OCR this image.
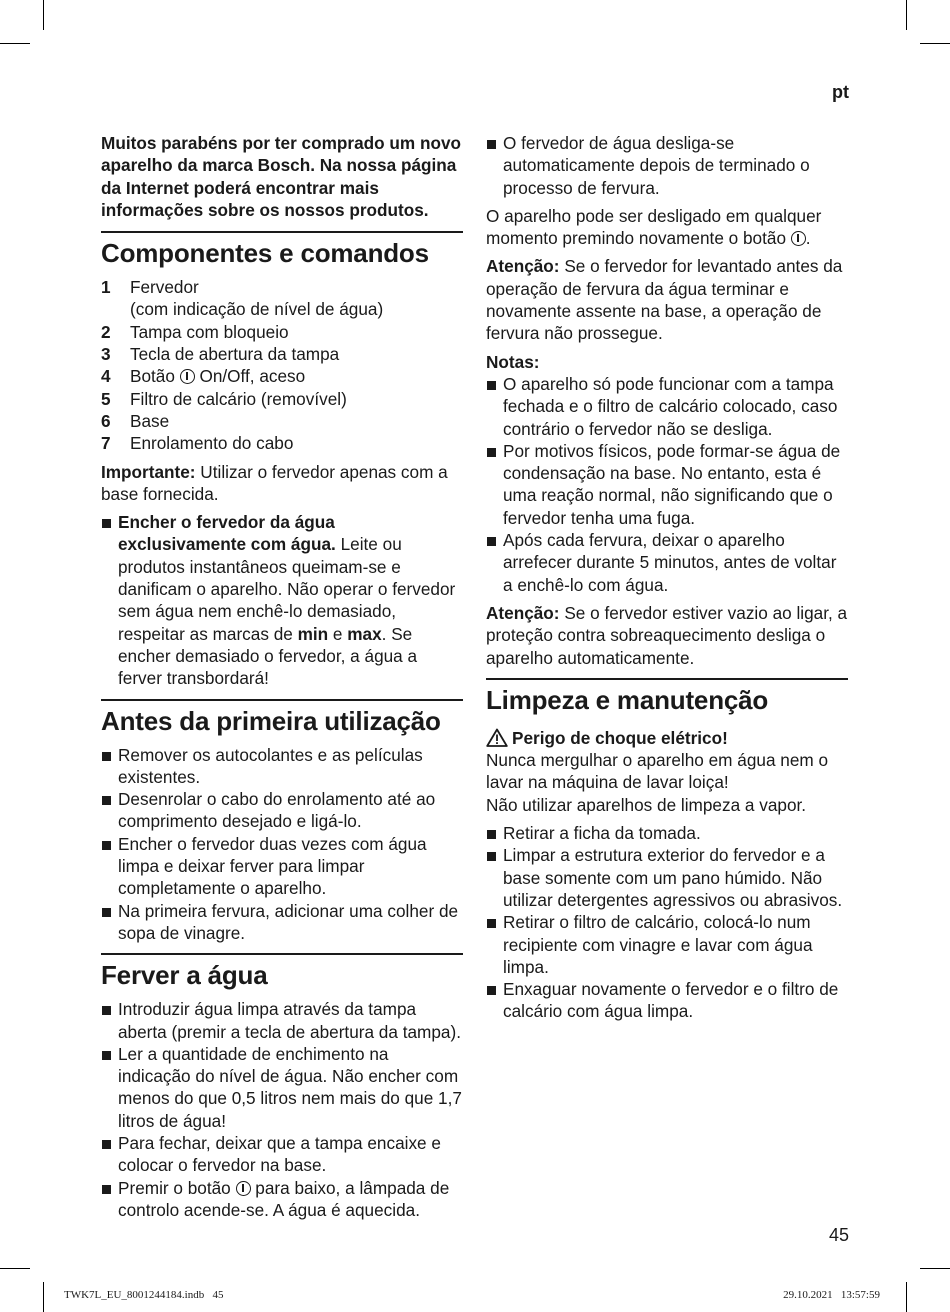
pt

Muitos parabéns por ter comprado um novo aparelho da marca Bosch. Na nossa página da Internet poderá encontrar mais informações sobre os nossos produtos.

Componentes e comandos
1 Fervedor
(com indicação de nível de água)
2 Tampa com bloqueio
3 Tecla de abertura da tampa
4 Botão  On/Off, aceso
5 Filtro de calcário (removível)
6 Base
7 Enrolamento do cabo

Importante: Utilizar o fervedor apenas com a base fornecida.

Encher o fervedor da água exclusivamente com água. Leite ou produtos instantâneos queimam-se e danificam o aparelho. Não operar o fervedor sem água nem enchê-lo demasiado, respeitar as marcas de min e max. Se encher demasiado o fervedor, a água a ferver transbordará!
Antes da primeira utilização
Remover os autocolantes e as películas existentes.
Desenrolar o cabo do enrolamento até ao comprimento desejado e ligá-lo.
Encher o fervedor duas vezes com água limpa e deixar ferver para limpar completamente o aparelho.
Na primeira fervura, adicionar uma colher de sopa de vinagre.
Ferver a água
Introduzir água limpa através da tampa aberta (premir a tecla de abertura da tampa).
Ler a quantidade de enchimento na indicação do nível de água. Não encher com menos do que 0,5 litros nem mais do que 1,7 litros de água!
Para fechar, deixar que a tampa encaixe e colocar o fervedor na base.
Premir o botão  para baixo, a lâmpada de controlo acende-se. A água é aquecida.
O fervedor de água desliga-se automaticamente depois de terminado o processo de fervura.

O aparelho pode ser desligado em qualquer momento premindo novamente o botão .

Atenção: Se o fervedor for levantado antes da operação de fervura da água terminar e novamente assente na base, a operação de fervura não prossegue.

Notas:

O aparelho só pode funcionar com a tampa fechada e o filtro de calcário colocado, caso contrário o fervedor não se desliga.
Por motivos físicos, pode formar-se água de condensação na base. No entanto, esta é uma reação normal, não significando que o fervedor tenha uma fuga.
Após cada fervura, deixar o aparelho arrefecer durante 5 minutos, antes de voltar a enchê-lo com água.

Atenção: Se o fervedor estiver vazio ao ligar, a proteção contra sobreaquecimento desliga o aparelho automaticamente.

Limpeza e manutenção

Perigo de choque elétrico!

Nunca mergulhar o aparelho em água nem o lavar na máquina de lavar loiça!

Não utilizar aparelhos de limpeza a vapor.

Retirar a ficha da tomada.
Limpar a estrutura exterior do fervedor e a base somente com um pano húmido. Não utilizar detergentes agressivos ou abrasivos.
Retirar o filtro de calcário, colocá-lo num recipiente com vinagre e lavar com água limpa.
Enxaguar novamente o fervedor e o filtro de calcário com água limpa.
45
TWK7L_EU_8001244184.indb   45	29.10.2021   13:57:59
